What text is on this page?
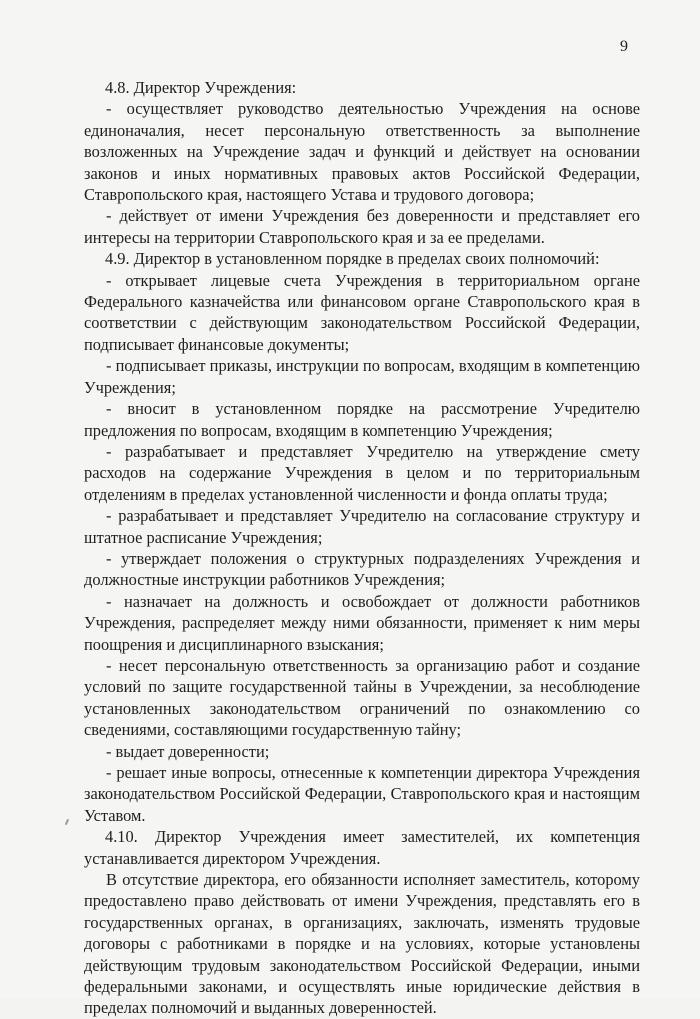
9

4.8. Директор Учреждения:

- осуществляет руководство деятельностью Учреждения на основе единоначалия, несет персональную ответственность за выполнение возложенных на Учреждение задач и функций и действует на основании законов и иных нормативных правовых актов Российской Федерации, Ставропольского края, настоящего Устава и трудового договора;

- действует от имени Учреждения без доверенности и представляет его интересы на территории Ставропольского края и за ее пределами.

4.9. Директор в установленном порядке в пределах своих полномочий:

- открывает лицевые счета Учреждения в территориальном органе Федерального казначейства или финансовом органе Ставропольского края в соответствии с действующим законодательством Российской Федерации, подписывает финансовые документы;

- подписывает приказы, инструкции по вопросам, входящим в компетенцию Учреждения;

- вносит в установленном порядке на рассмотрение Учредителю предложения по вопросам, входящим в компетенцию Учреждения;

- разрабатывает и представляет Учредителю на утверждение смету расходов на содержание Учреждения в целом и по территориальным отделениям в пределах установленной численности и фонда оплаты труда;

- разрабатывает и представляет Учредителю на согласование структуру и штатное расписание Учреждения;

- утверждает положения о структурных подразделениях Учреждения и должностные инструкции работников Учреждения;

- назначает на должность и освобождает от должности работников Учреждения, распределяет между ними обязанности, применяет к ним меры поощрения и дисциплинарного взыскания;

- несет персональную ответственность за организацию работ и создание условий по защите государственной тайны в Учреждении, за несоблюдение установленных законодательством ограничений по ознакомлению со сведениями, составляющими государственную тайну;

- выдает доверенности;

- решает иные вопросы, отнесенные к компетенции директора Учреждения законодательством Российской Федерации, Ставропольского края и настоящим Уставом.

4.10. Директор Учреждения имеет заместителей, их компетенция устанавливается директором Учреждения.

В отсутствие директора, его обязанности исполняет заместитель, которому предоставлено право действовать от имени Учреждения, представлять его в государственных органах, в организациях, заключать, изменять трудовые договоры с работниками в порядке и на условиях, которые установлены действующим трудовым законодательством Российской Федерации, иными федеральными законами, и осуществлять иные юридические действия в пределах полномочий и выданных доверенностей.
